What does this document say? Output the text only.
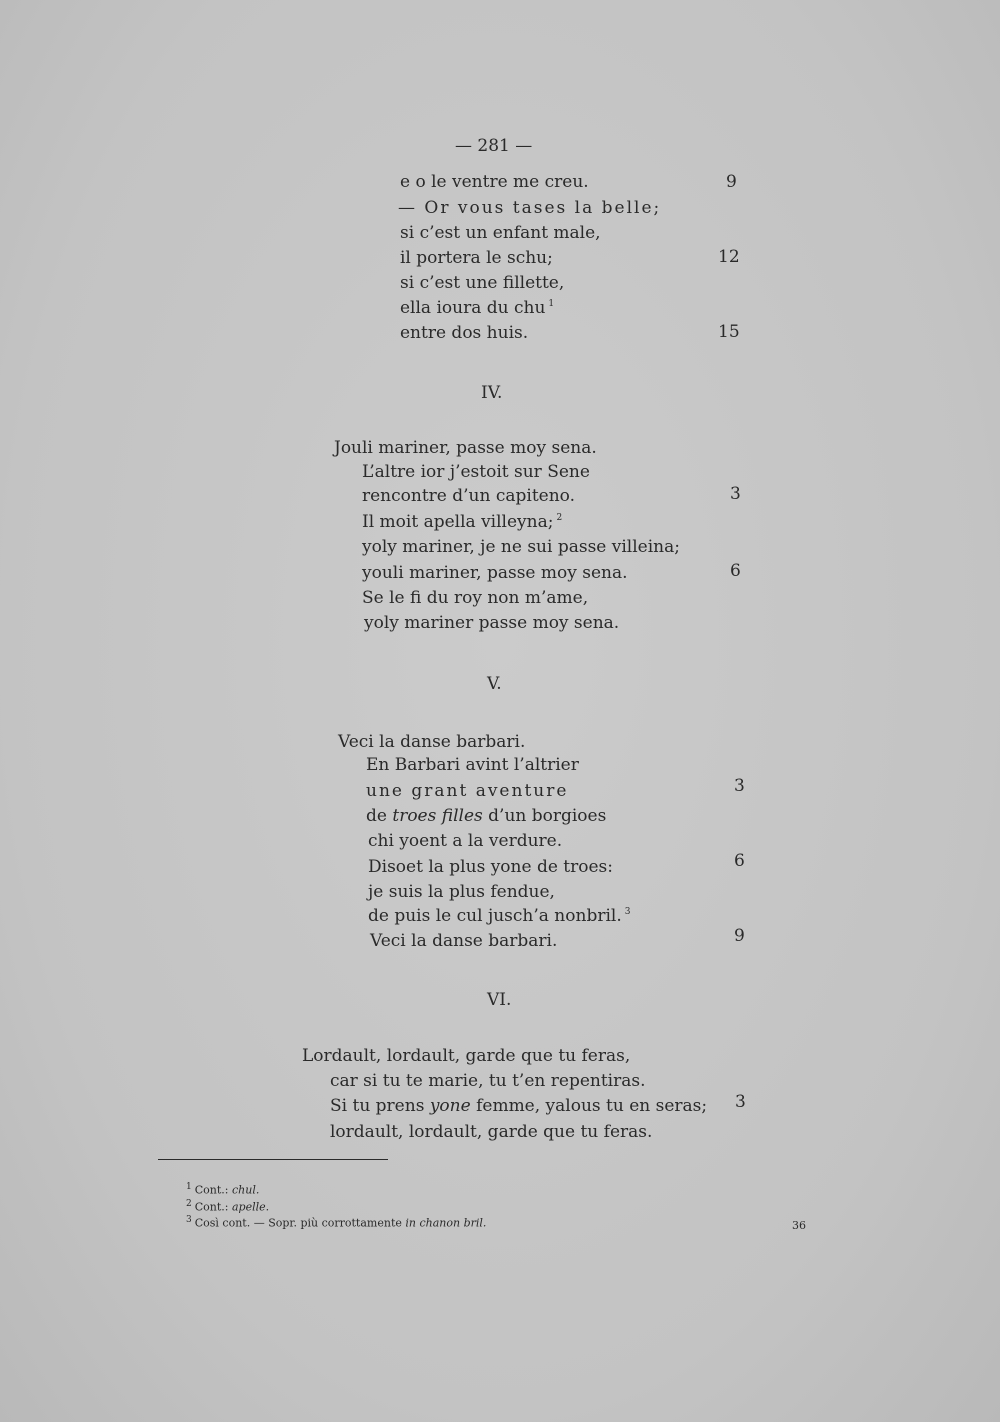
— 281 —
e o le ventre me creu.	9
— Or vous tases la belle;
si c’est un enfant male,
il portera le schu;	12
si c’est une fillette,
ella ioura du chu $^1$
entre dos huis.	15
IV.
Jouli mariner, passe moy sena.
L’altre ior j’estoit sur Sene
rencontre d’un capiteno.	3
Il moit apella villeyna; $^2$
yoly mariner, je ne sui passe villeina;
youli mariner, passe moy sena.	6
Se le fi du roy non m’ame,
yoly mariner passe moy sena.
V.
Veci la danse barbari.
En Barbari avint l’altrier
une grant aventure	3
de troes filles d’un borgioes
chi yoent a la verdure.
Disoet la plus yone de troes:	6
je suis la plus fendue,
de puis le cul jusch’a nonbril. $^3$
Veci la danse barbari.	9
VI.
Lordault, lordault, garde que tu feras,
car si tu te marie, tu t’en repentiras.
Si tu prens yone femme, yalous tu en seras; 3
lordault, lordault, garde que tu feras.
$^1$ Cont.: chul.
$^2$ Cont.: apelle.
$^3$ Così cont. — Sopr. più corrottamente in chanon bril.	36
